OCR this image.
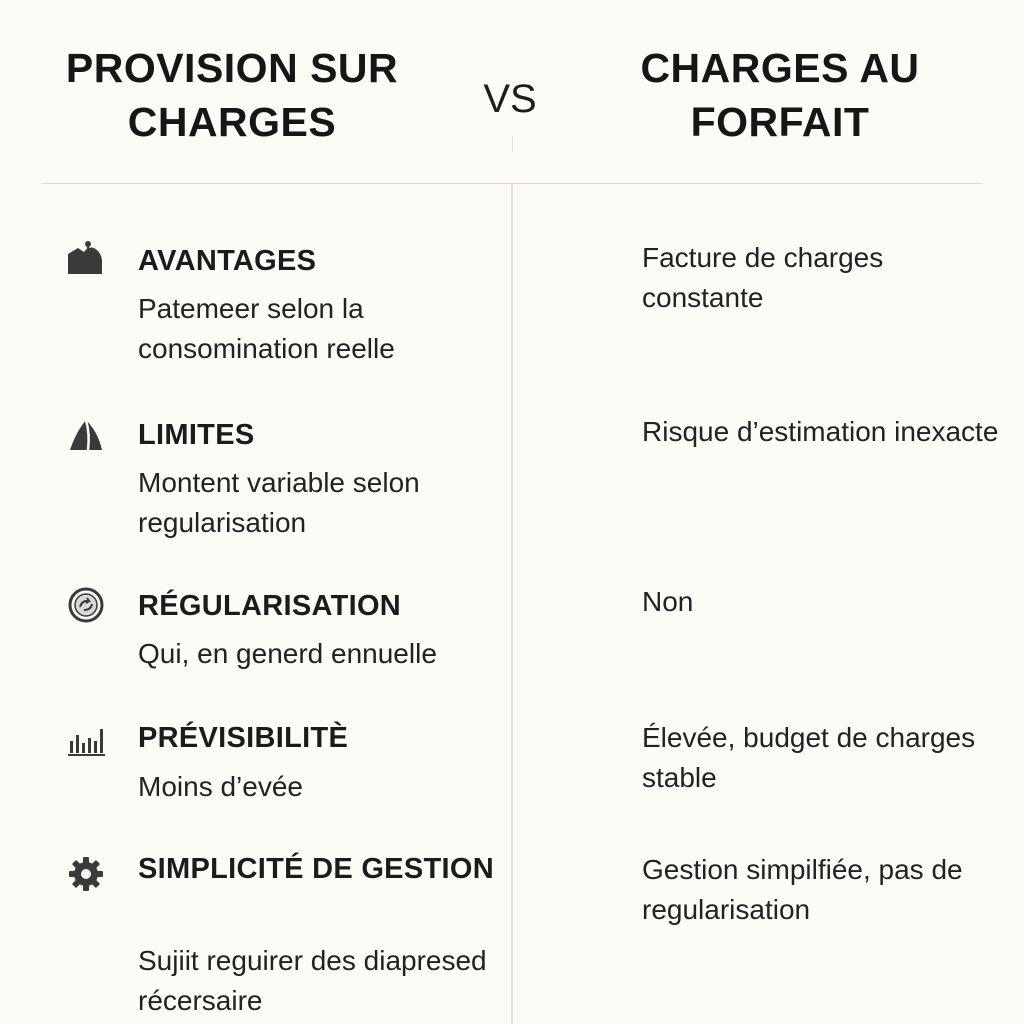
PROVISION SUR
CHARGES	VS
CHARGES AU
FORFAIT
AVANTAGES
Patemeer selon la consomination reelle
Facture de charges constante
LIMITES
Montent variable selon regularisation
Risque d’estimation inexacte
RÉGULARISATION
Qui, en generd ennuelle
Non
PRÉVISIBILITÈ
Moins d’evée
Élevée, budget de charges stable
SIMPLICITÉ DE GESTION
Sujiit reguirer des diapresed récersaire
Gestion simpilfiée, pas de regularisation
